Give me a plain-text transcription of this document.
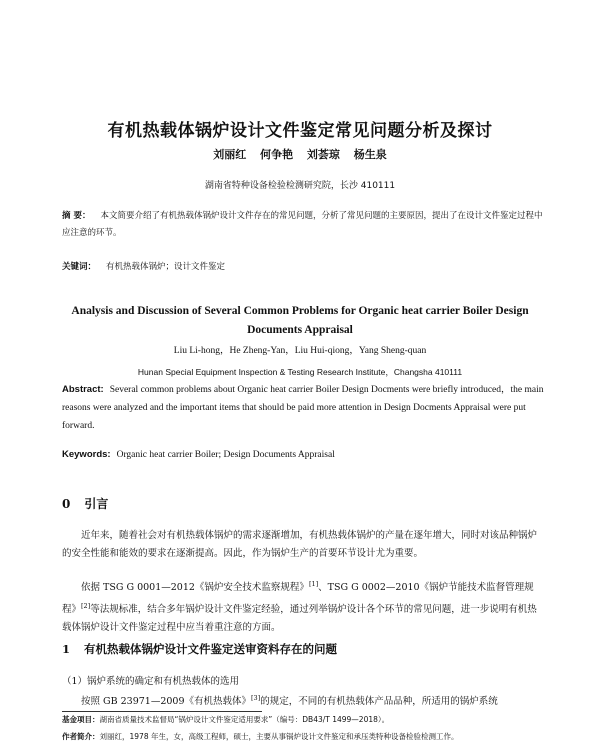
有机热载体锅炉设计文件鉴定常见问题分析及探讨
刘丽红 何争艳 刘荟琼 杨生泉
湖南省特种设备检验检测研究院，长沙 410111
摘 要： 本文简要介绍了有机热载体锅炉设计文件存在的常见问题，分析了常见问题的主要原因，提出了在设计文件鉴定过程中应注意的环节。
关键词： 有机热载体锅炉；设计文件鉴定
Analysis and Discussion of Several Common Problems for Organic heat carrier Boiler Design Documents Appraisal
Liu Li-hong，He Zheng-Yan，Liu Hui-qiong，Yang Sheng-quan
Hunan Special Equipment Inspection & Testing Research Institute，Changsha 410111
Abstract: Several common problems about Organic heat carrier Boiler Design Docments were briefly introduced，the main reasons were analyzed and the important items that should be paid more attention in Design Docments Appraisal were put forward.
Keywords: Organic heat carrier Boiler; Design Documents Appraisal
0 引言
近年来，随着社会对有机热载体锅炉的需求逐渐增加，有机热载体锅炉的产量在逐年增大，同时对该品种锅炉的安全性能和能效的要求在逐渐提高。因此，作为锅炉生产的首要环节设计尤为重要。
依据 TSG G 0001—2012《锅炉安全技术监察规程》[1]、TSG G 0002—2010《锅炉节能技术监督管理规程》[2]等法规标准，结合多年锅炉设计文件鉴定经验，通过列举锅炉设计各个环节的常见问题，进一步说明有机热载体锅炉设计文件鉴定过程中应当着重注意的方面。
1 有机热载体锅炉设计文件鉴定送审资料存在的问题
（1）锅炉系统的确定和有机热载体的选用
按照 GB 23971—2009《有机热载体》[3]的规定，不同的有机热载体产品品种，所适用的锅炉系统
基金项目：湖南省质量技术监督局“锅炉设计文件鉴定适用要求”（编号：DB43/T 1499—2018）。
作者简介：刘丽红，1978 年生，女，高级工程师，硕士，主要从事锅炉设计文件鉴定和承压类特种设备检验检测工作。
